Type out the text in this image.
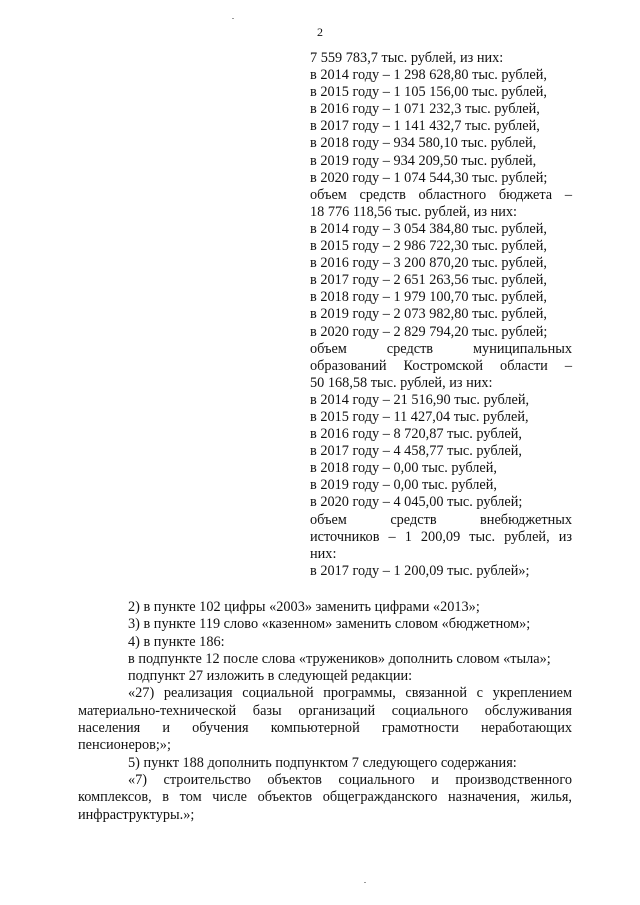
2
7 559 783,7 тыс. рублей, из них:
в 2014 году – 1 298 628,80 тыс. рублей,
в 2015 году – 1 105 156,00 тыс. рублей,
в 2016 году – 1 071 232,3 тыс. рублей,
в 2017 году – 1 141 432,7 тыс. рублей,
в 2018 году – 934 580,10 тыс. рублей,
в 2019 году – 934 209,50 тыс. рублей,
в 2020 году – 1 074 544,30 тыс. рублей;
объем средств областного бюджета –
18 776 118,56 тыс. рублей, из них:
в 2014 году – 3 054 384,80 тыс. рублей,
в 2015 году – 2 986 722,30 тыс. рублей,
в 2016 году – 3 200 870,20 тыс. рублей,
в 2017 году – 2 651 263,56 тыс. рублей,
в 2018 году – 1 979 100,70 тыс. рублей,
в 2019 году – 2 073 982,80 тыс. рублей,
в 2020 году – 2 829 794,20 тыс. рублей;
объем средств муниципальных
образований Костромской области –
50 168,58 тыс. рублей, из них:
в 2014 году – 21 516,90 тыс. рублей,
в 2015 году – 11 427,04 тыс. рублей,
в 2016 году – 8 720,87 тыс. рублей,
в 2017 году – 4 458,77 тыс. рублей,
в 2018 году – 0,00 тыс. рублей,
в 2019 году – 0,00 тыс. рублей,
в 2020 году – 4 045,00 тыс. рублей;
объем средств внебюджетных
источников – 1 200,09 тыс. рублей, из
них:
в 2017 году – 1 200,09 тыс. рублей»;
2) в пункте 102 цифры «2003» заменить цифрами «2013»;
3) в пункте 119 слово «казенном» заменить словом «бюджетном»;
4) в пункте 186:
в подпункте 12 после слова «тружеников» дополнить словом «тыла»;
подпункт 27 изложить в следующей редакции:
«27) реализация социальной программы, связанной с укреплением материально-технической базы организаций социального обслуживания населения и обучения компьютерной грамотности неработающих пенсионеров;»;
5) пункт 188 дополнить подпунктом 7 следующего содержания:
«7) строительство объектов социального и производственного комплексов, в том числе объектов общегражданского назначения, жилья, инфраструктуры.»;
